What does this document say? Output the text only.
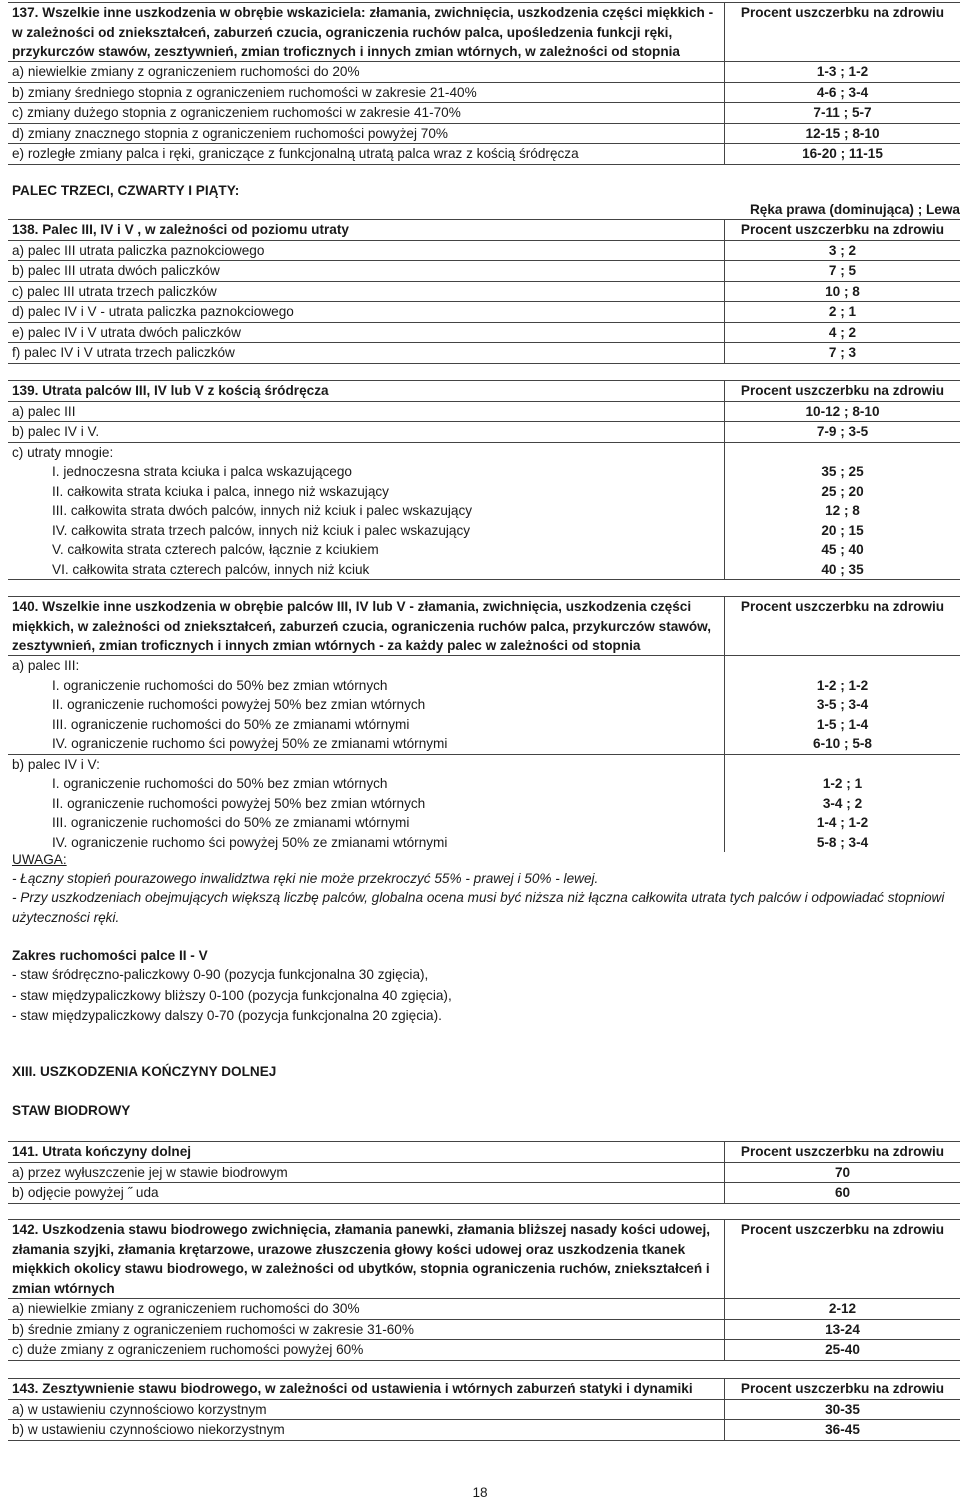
137. Wszelkie inne uszkodzenia w obrębie wskaziciela: złamania, zwichnięcia, uszkodzenia części miękkich - w zależności od zniekształceń, zaburzeń czucia, ograniczenia ruchów palca, upośledzenia funkcji ręki, przykurczów stawów, zesztywnień, zmian troficznych i innych zmian wtórnych, w zależności od stopnia
Procent uszczerbku na zdrowiu
a) niewielkie zmiany z ograniczeniem ruchomości do 20%	1-3 ; 1-2
b) zmiany średniego stopnia z ograniczeniem ruchomości w zakresie 21-40%	4-6 ; 3-4
c) zmiany dużego stopnia z ograniczeniem ruchomości w zakresie 41-70%	7-11 ; 5-7
d) zmiany znacznego stopnia z ograniczeniem ruchomości powyżej 70%	12-15 ; 8-10
e) rozległe zmiany palca i ręki, graniczące z funkcjonalną utratą palca wraz z kością śródręcza	16-20 ; 11-15
PALEC TRZECI, CZWARTY I PIĄTY:
Ręka prawa (dominująca) ; Lewa
138. Palec III, IV i V , w zależności od poziomu utraty	Procent uszczerbku na zdrowiu
a) palec III utrata paliczka paznokciowego	3 ; 2
b) palec III utrata dwóch paliczków	7 ; 5
c) palec III utrata trzech paliczków	10 ; 8
d) palec IV i V - utrata paliczka paznokciowego	2 ; 1
e) palec IV i V utrata dwóch paliczków	4 ; 2
f) palec IV i V utrata trzech paliczków	7 ; 3
139. Utrata palców III, IV lub V z kością śródręcza	Procent uszczerbku na zdrowiu
a) palec III	10-12 ; 8-10
b) palec IV i V.	7-9 ; 3-5
c) utraty mnogie:
I. jednoczesna strata kciuka i palca wskazującego	35 ; 25
II. całkowita strata kciuka i palca, innego niż wskazujący	25 ; 20
III. całkowita strata dwóch palców, innych niż kciuk i palec wskazujący	12 ; 8
IV. całkowita strata trzech palców, innych niż kciuk i palec wskazujący	20 ; 15
V. całkowita strata czterech palców, łącznie z kciukiem	45 ; 40
VI. całkowita strata czterech palców, innych niż kciuk	40 ; 35
140. Wszelkie inne uszkodzenia w obrębie palców III, IV lub V - złamania, zwichnięcia, uszkodzenia części miękkich, w zależności od zniekształceń, zaburzeń czucia, ograniczenia ruchów palca, przykurczów stawów, zesztywnień, zmian troficznych i innych zmian wtórnych - za każdy palec w zależności od stopnia
Procent uszczerbku na zdrowiu
a) palec III:
I. ograniczenie ruchomości do 50% bez zmian wtórnych	1-2 ; 1-2
II. ograniczenie ruchomości powyżej 50% bez zmian wtórnych	3-5 ; 3-4
III. ograniczenie ruchomości do 50% ze zmianami wtórnymi	1-5 ; 1-4
IV. ograniczenie ruchomo ści powyżej 50% ze zmianami wtórnymi	6-10 ; 5-8
b) palec IV i V:
I. ograniczenie ruchomości do 50% bez zmian wtórnych	1-2 ; 1
II. ograniczenie ruchomości powyżej 50% bez zmian wtórnych	3-4 ; 2
III. ograniczenie ruchomości do 50% ze zmianami wtórnymi	1-4 ; 1-2
IV. ograniczenie ruchomo ści powyżej 50% ze zmianami wtórnymi	5-8 ; 3-4
UWAGA:
- Łączny stopień pourazowego inwalidztwa ręki nie może przekroczyć 55% - prawej i 50% - lewej.
- Przy uszkodzeniach obejmujących większą liczbę palców, globalna ocena musi być niższa niż łączna całkowita utrata tych palców i odpowiadać stopniowi użyteczności ręki.
Zakres ruchomości palce II - V
- staw śródręczno-paliczkowy 0-90 (pozycja funkcjonalna 30 zgięcia),
- staw międzypaliczkowy bliższy 0-100 (pozycja funkcjonalna 40 zgięcia),
- staw międzypaliczkowy dalszy 0-70 (pozycja funkcjonalna 20 zgięcia).
XIII. USZKODZENIA KOŃCZYNY DOLNEJ
STAW BIODROWY
141. Utrata kończyny dolnej	Procent uszczerbku na zdrowiu
a) przez wyłuszczenie jej w stawie biodrowym	70
b) odjęcie powyżej ˝ uda	60
142. Uszkodzenia stawu biodrowego zwichnięcia, złamania panewki, złamania bliższej nasady kości udowej, złamania szyjki, złamania krętarzowe, urazowe złuszczenia głowy kości udowej oraz uszkodzenia tkanek miękkich okolicy stawu biodrowego, w zależności od ubytków, stopnia ograniczenia ruchów, zniekształceń i zmian wtórnych
Procent uszczerbku na zdrowiu
a) niewielkie zmiany z ograniczeniem ruchomości do 30%	2-12
b) średnie zmiany z ograniczeniem ruchomości w zakresie 31-60%	13-24
c) duże zmiany z ograniczeniem ruchomości powyżej 60%	25-40
143. Zesztywnienie stawu biodrowego, w zależności od ustawienia i wtórnych zaburzeń statyki i dynamiki	Procent uszczerbku na zdrowiu
a) w ustawieniu czynnościowo korzystnym	30-35
b) w ustawieniu czynnościowo niekorzystnym	36-45
18
